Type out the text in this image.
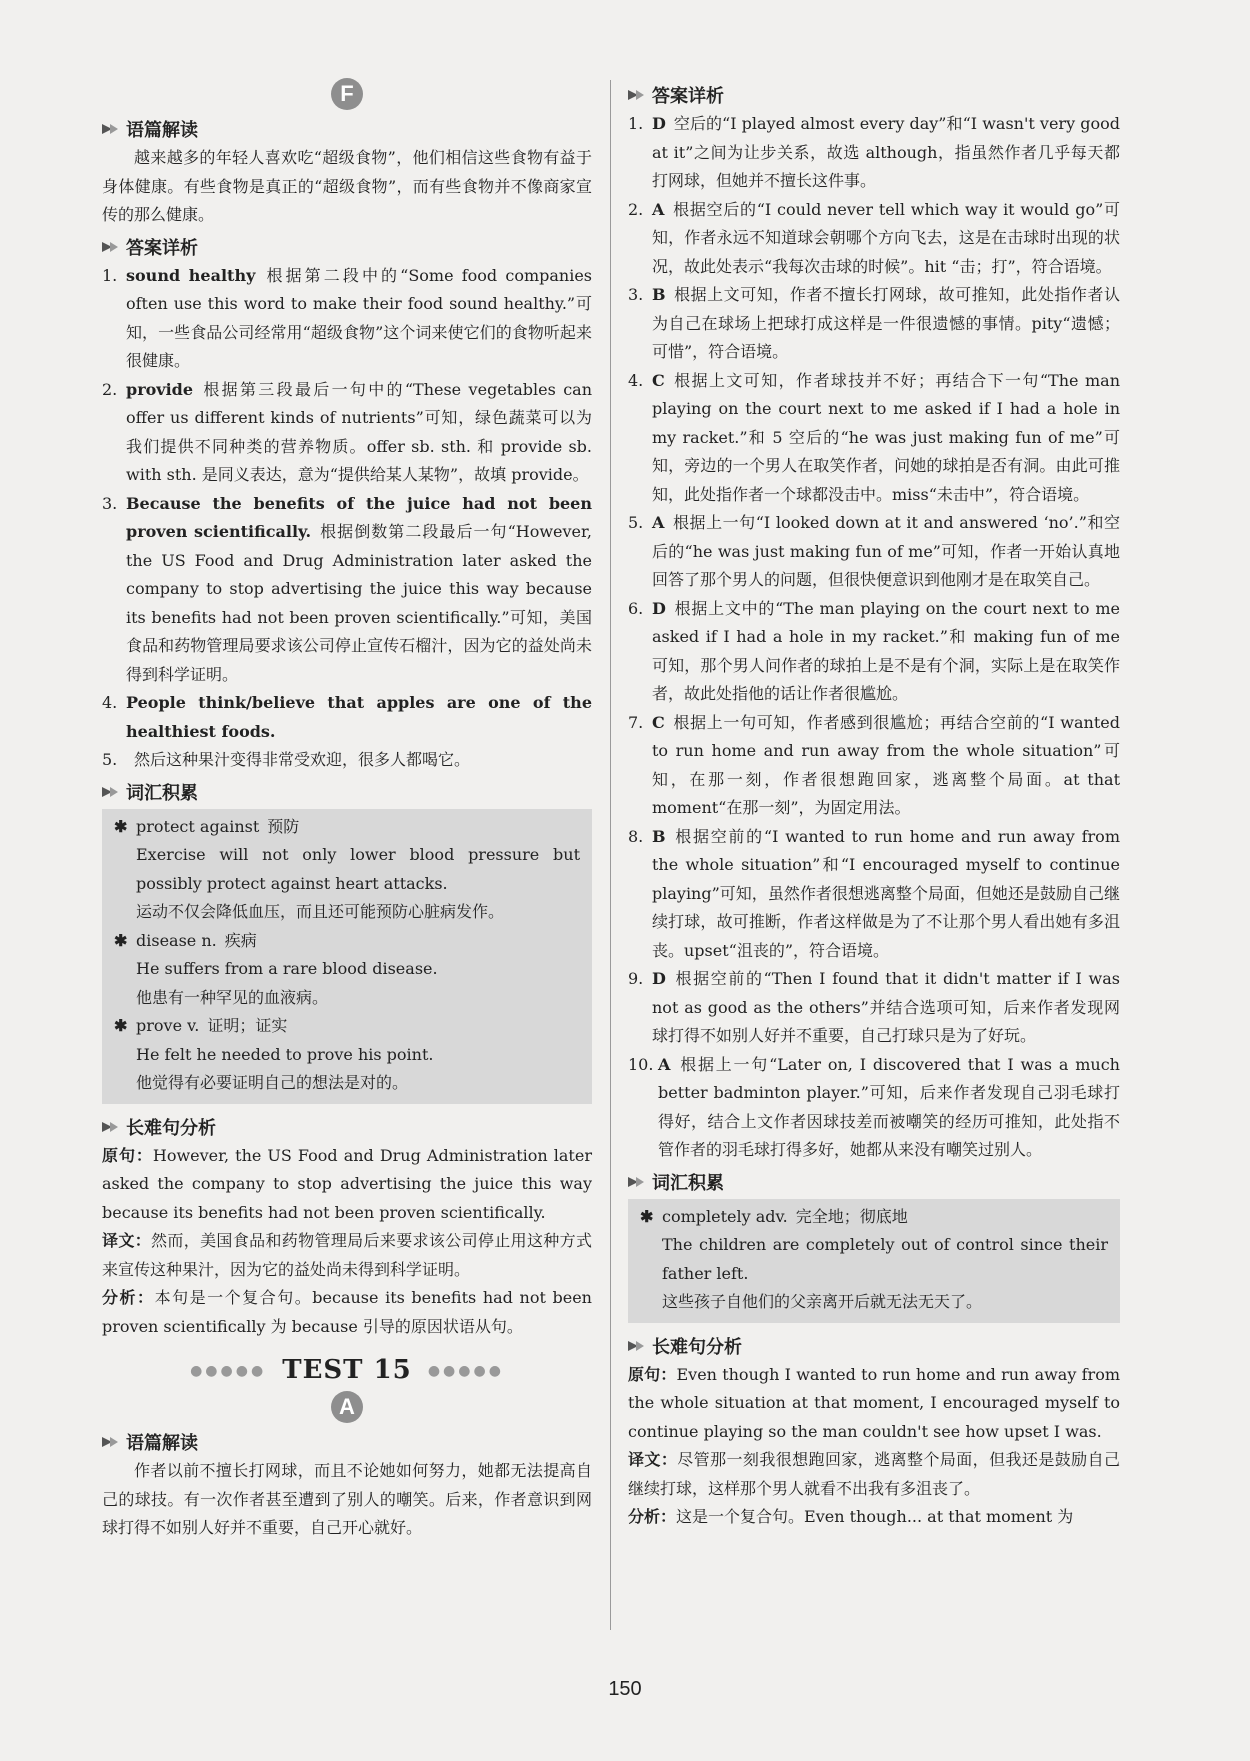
F
语篇解读

越来越多的年轻人喜欢吃“超级食物”，他们相信这些食物有益于身体健康。有些食物是真正的“超级食物”，而有些食物并不像商家宣传的那么健康。

答案详析
1. sound healthy 根据第二段中的“Some food companies often use this word to make their food sound healthy.”可知，一些食品公司经常用“超级食物”这个词来使它们的食物听起来很健康。
2. provide 根据第三段最后一句中的“These vegetables can offer us different kinds of nutrients”可知，绿色蔬菜可以为我们提供不同种类的营养物质。offer sb. sth. 和 provide sb. with sth. 是同义表达，意为“提供给某人某物”，故填 provide。
3. Because the benefits of the juice had not been proven scientifically. 根据倒数第二段最后一句“However, the US Food and Drug Administration later asked the company to stop advertising the juice this way because its benefits had not been proven scientifically.”可知，美国食品和药物管理局要求该公司停止宣传石榴汁，因为它的益处尚未得到科学证明。
4. People think/believe that apples are one of the healthiest foods.
5.	然后这种果汁变得非常受欢迎，很多人都喝它。
词汇积累
✱ protect against 预防
Exercise will not only lower blood pressure but possibly protect against heart attacks.
运动不仅会降低血压，而且还可能预防心脏病发作。
✱ disease n. 疾病
He suffers from a rare blood disease.
他患有一种罕见的血液病。
✱ prove v. 证明；证实
He felt he needed to prove his point.
他觉得有必要证明自己的想法是对的。
长难句分析

原句：However, the US Food and Drug Administration later asked the company to stop advertising the juice this way because its benefits had not been proven scientifically.

译文：然而，美国食品和药物管理局后来要求该公司停止用这种方式来宣传这种果汁，因为它的益处尚未得到科学证明。

分析：本句是一个复合句。because its benefits had not been proven scientifically 为 because 引导的原因状语从句。

●●●●● TEST 15 ●●●●●
A
语篇解读

作者以前不擅长打网球，而且不论她如何努力，她都无法提高自己的球技。有一次作者甚至遭到了别人的嘲笑。后来，作者意识到网球打得不如别人好并不重要，自己开心就好。

答案详析
1. D 空后的“I played almost every day”和“I wasn't very good at it”之间为让步关系，故选 although，指虽然作者几乎每天都打网球，但她并不擅长这件事。
2. A 根据空后的“I could never tell which way it would go”可知，作者永远不知道球会朝哪个方向飞去，这是在击球时出现的状况，故此处表示“我每次击球的时候”。hit “击；打”，符合语境。
3. B 根据上文可知，作者不擅长打网球，故可推知，此处指作者认为自己在球场上把球打成这样是一件很遗憾的事情。pity“遗憾；可惜”，符合语境。
4. C 根据上文可知，作者球技并不好；再结合下一句“The man playing on the court next to me asked if I had a hole in my racket.”和 5 空后的“he was just making fun of me”可知，旁边的一个男人在取笑作者，问她的球拍是否有洞。由此可推知，此处指作者一个球都没击中。miss“未击中”，符合语境。
5. A 根据上一句“I looked down at it and answered ‘no’.”和空后的“he was just making fun of me”可知，作者一开始认真地回答了那个男人的问题，但很快便意识到他刚才是在取笑自己。
6. D 根据上文中的“The man playing on the court next to me asked if I had a hole in my racket.”和 making fun of me 可知，那个男人问作者的球拍上是不是有个洞，实际上是在取笑作者，故此处指他的话让作者很尴尬。
7. C 根据上一句可知，作者感到很尴尬；再结合空前的“I wanted to run home and run away from the whole situation”可知，在那一刻，作者很想跑回家，逃离整个局面。at that moment“在那一刻”，为固定用法。
8. B 根据空前的“I wanted to run home and run away from the whole situation”和“I encouraged myself to continue playing”可知，虽然作者很想逃离整个局面，但她还是鼓励自己继续打球，故可推断，作者这样做是为了不让那个男人看出她有多沮丧。upset“沮丧的”，符合语境。
9. D 根据空前的“Then I found that it didn't matter if I was not as good as the others”并结合选项可知，后来作者发现网球打得不如别人好并不重要，自己打球只是为了好玩。
10. A 根据上一句“Later on, I discovered that I was a much better badminton player.”可知，后来作者发现自己羽毛球打得好，结合上文作者因球技差而被嘲笑的经历可推知，此处指不管作者的羽毛球打得多好，她都从来没有嘲笑过别人。
词汇积累
✱ completely adv. 完全地；彻底地
The children are completely out of control since their father left.
这些孩子自他们的父亲离开后就无法无天了。
长难句分析

原句：Even though I wanted to run home and run away from the whole situation at that moment, I encouraged myself to continue playing so the man couldn't see how upset I was.

译文：尽管那一刻我很想跑回家，逃离整个局面，但我还是鼓励自己继续打球，这样那个男人就看不出我有多沮丧了。

分析：这是一个复合句。Even though... at that moment 为

150
